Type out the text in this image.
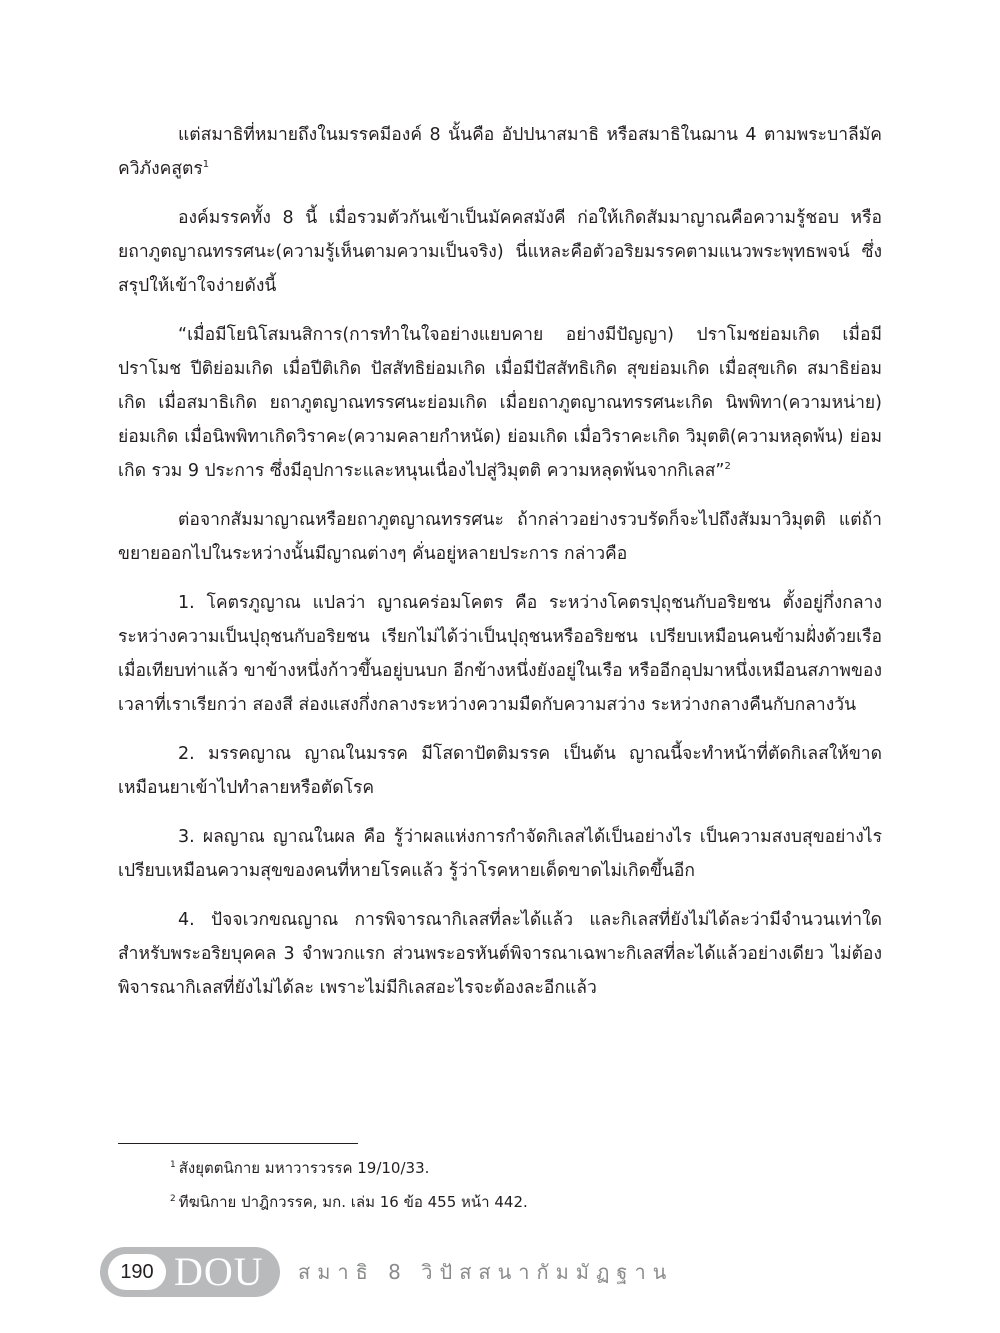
แต่สมาธิที่หมายถึงในมรรคมีองค์ 8 นั้นคือ อัปปนาสมาธิ หรือสมาธิในฌาน 4 ตามพระบาลีมัคควิภังคสูตร$^1$

องค์มรรคทั้ง 8 นี้ เมื่อรวมตัวกันเข้าเป็นมัคคสมังคี ก่อให้เกิดสัมมาญาณคือความรู้ชอบ หรือยถาภูตญาณทรรศนะ(ความรู้เห็นตามความเป็นจริง) นี่แหละคือตัวอริยมรรคตามแนวพระพุทธพจน์ ซึ่งสรุปให้เข้าใจง่ายดังนี้

“เมื่อมีโยนิโสมนสิการ(การทำในใจอย่างแยบคาย อย่างมีปัญญา) ปราโมชย่อมเกิด เมื่อมีปราโมช ปีติย่อมเกิด เมื่อปีติเกิด ปัสสัทธิย่อมเกิด เมื่อมีปัสสัทธิเกิด สุขย่อมเกิด เมื่อสุขเกิด สมาธิย่อมเกิด เมื่อสมาธิเกิด ยถาภูตญาณทรรศนะย่อมเกิด เมื่อยถาภูตญาณทรรศนะเกิด นิพพิทา(ความหน่าย) ย่อมเกิด เมื่อนิพพิทาเกิดวิราคะ(ความคลายกำหนัด) ย่อมเกิด เมื่อวิราคะเกิด วิมุตติ(ความหลุดพ้น) ย่อมเกิด รวม 9 ประการ ซึ่งมีอุปการะและหนุนเนื่องไปสู่วิมุตติ ความหลุดพ้นจากกิเลส”$^2$

ต่อจากสัมมาญาณหรือยถาภูตญาณทรรศนะ ถ้ากล่าวอย่างรวบรัดก็จะไปถึงสัมมาวิมุตติ แต่ถ้าขยายออกไปในระหว่างนั้นมีญาณต่างๆ คั่นอยู่หลายประการ กล่าวคือ

1. โคตรภูญาณ แปลว่า ญาณคร่อมโคตร คือ ระหว่างโคตรปุถุชนกับอริยชน ตั้งอยู่กึ่งกลางระหว่างความเป็นปุถุชนกับอริยชน เรียกไม่ได้ว่าเป็นปุถุชนหรืออริยชน เปรียบเหมือนคนข้ามฝั่งด้วยเรือเมื่อเทียบท่าแล้ว ขาข้างหนึ่งก้าวขึ้นอยู่บนบก อีกข้างหนึ่งยังอยู่ในเรือ หรืออีกอุปมาหนึ่งเหมือนสภาพของเวลาที่เราเรียกว่า สองสี ส่องแสงกึ่งกลางระหว่างความมืดกับความสว่าง ระหว่างกลางคืนกับกลางวัน

2. มรรคญาณ ญาณในมรรค มีโสดาปัตติมรรค เป็นต้น ญาณนี้จะทำหน้าที่ตัดกิเลสให้ขาด เหมือนยาเข้าไปทำลายหรือตัดโรค

3. ผลญาณ ญาณในผล คือ รู้ว่าผลแห่งการกำจัดกิเลสได้เป็นอย่างไร เป็นความสงบสุขอย่างไร เปรียบเหมือนความสุขของคนที่หายโรคแล้ว รู้ว่าโรคหายเด็ดขาดไม่เกิดขึ้นอีก

4. ปัจจเวกขณญาณ การพิจารณากิเลสที่ละได้แล้ว และกิเลสที่ยังไม่ได้ละว่ามีจำนวนเท่าใด สำหรับพระอริยบุคคล 3 จำพวกแรก ส่วนพระอรหันต์พิจารณาเฉพาะกิเลสที่ละได้แล้วอย่างเดียว ไม่ต้องพิจารณากิเลสที่ยังไม่ได้ละ เพราะไม่มีกิเลสอะไรจะต้องละอีกแล้ว

$^1$ สังยุตตนิกาย มหาวารวรรค 19/10/33.

$^2$ ทีฆนิกาย ปาฎิกวรรค, มก. เล่ม 16 ข้อ 455 หน้า 442.

190 DOU สมาธิ 8 วิปัสสนากัมมัฏฐาน
